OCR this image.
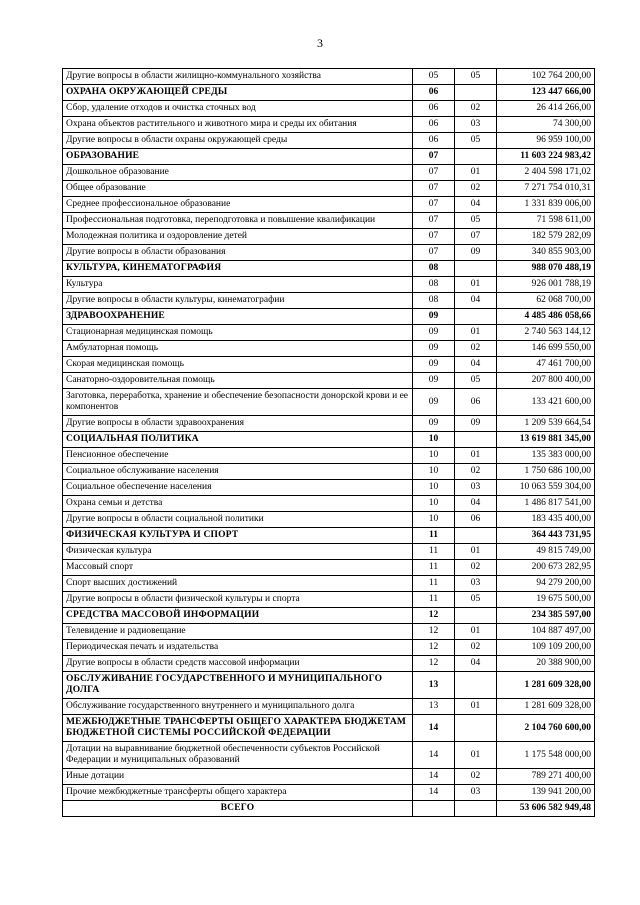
3
Другие вопросы в области жилищно-коммунального хозяйства	05	05	102 764 200,00
ОХРАНА ОКРУЖАЮЩЕЙ СРЕДЫ	06		123 447 666,00
Сбор, удаление отходов и очистка сточных вод	06	02	26 414 266,00
Охрана объектов растительного и животного мира и среды их обитания	06	03	74 300,00
Другие вопросы в области охраны окружающей среды	06	05	96 959 100,00
ОБРАЗОВАНИЕ	07		11 603 224 983,42
Дошкольное образование	07	01	2 404 598 171,02
Общее образование	07	02	7 271 754 010,31
Среднее профессиональное образование	07	04	1 331 839 006,00
Профессиональная подготовка, переподготовка и повышение квалификации	07	05	71 598 611,00
Молодежная политика и оздоровление детей	07	07	182 579 282,09
Другие вопросы в области образования	07	09	340 855 903,00
КУЛЬТУРА, КИНЕМАТОГРАФИЯ	08		988 070 488,19
Культура	08	01	926 001 788,19
Другие вопросы в области культуры, кинематографии	08	04	62 068 700,00
ЗДРАВООХРАНЕНИЕ	09		4 485 486 058,66
Стационарная медицинская помощь	09	01	2 740 563 144,12
Амбулаторная помощь	09	02	146 699 550,00
Скорая медицинская помощь	09	04	47 461 700,00
Санаторно-оздоровительная помощь	09	05	207 800 400,00
Заготовка, переработка, хранение и обеспечение безопасности донорской крови и ее компонентов	09	06	133 421 600,00
Другие вопросы в области здравоохранения	09	09	1 209 539 664,54
СОЦИАЛЬНАЯ ПОЛИТИКА	10		13 619 881 345,00
Пенсионное обеспечение	10	01	135 383 000,00
Социальное обслуживание населения	10	02	1 750 686 100,00
Социальное обеспечение населения	10	03	10 063 559 304,00
Охрана семьи и детства	10	04	1 486 817 541,00
Другие вопросы в области социальной политики	10	06	183 435 400,00
ФИЗИЧЕСКАЯ КУЛЬТУРА И СПОРТ	11		364 443 731,95
Физическая культура	11	01	49 815 749,00
Массовый спорт	11	02	200 673 282,95
Спорт высших достижений	11	03	94 279 200,00
Другие вопросы в области физической культуры и спорта	11	05	19 675 500,00
СРЕДСТВА МАССОВОЙ ИНФОРМАЦИИ	12		234 385 597,00
Телевидение и радиовещание	12	01	104 887 497,00
Периодическая печать и издательства	12	02	109 109 200,00
Другие вопросы в области средств массовой информации	12	04	20 388 900,00
ОБСЛУЖИВАНИЕ ГОСУДАРСТВЕННОГО И МУНИЦИПАЛЬНОГО ДОЛГА	13		1 281 609 328,00
Обслуживание государственного внутреннего и муниципального долга	13	01	1 281 609 328,00
МЕЖБЮДЖЕТНЫЕ ТРАНСФЕРТЫ ОБЩЕГО ХАРАКТЕРА БЮДЖЕТАМ БЮДЖЕТНОЙ СИСТЕМЫ РОССИЙСКОЙ ФЕДЕРАЦИИ	14		2 104 760 600,00
Дотации на выравнивание бюджетной обеспеченности субъектов Российской Федерации и муниципальных образований	14	01	1 175 548 000,00
Иные дотации	14	02	789 271 400,00
Прочие межбюджетные трансферты общего характера	14	03	139 941 200,00
ВСЕГО			53 606 582 949,48
